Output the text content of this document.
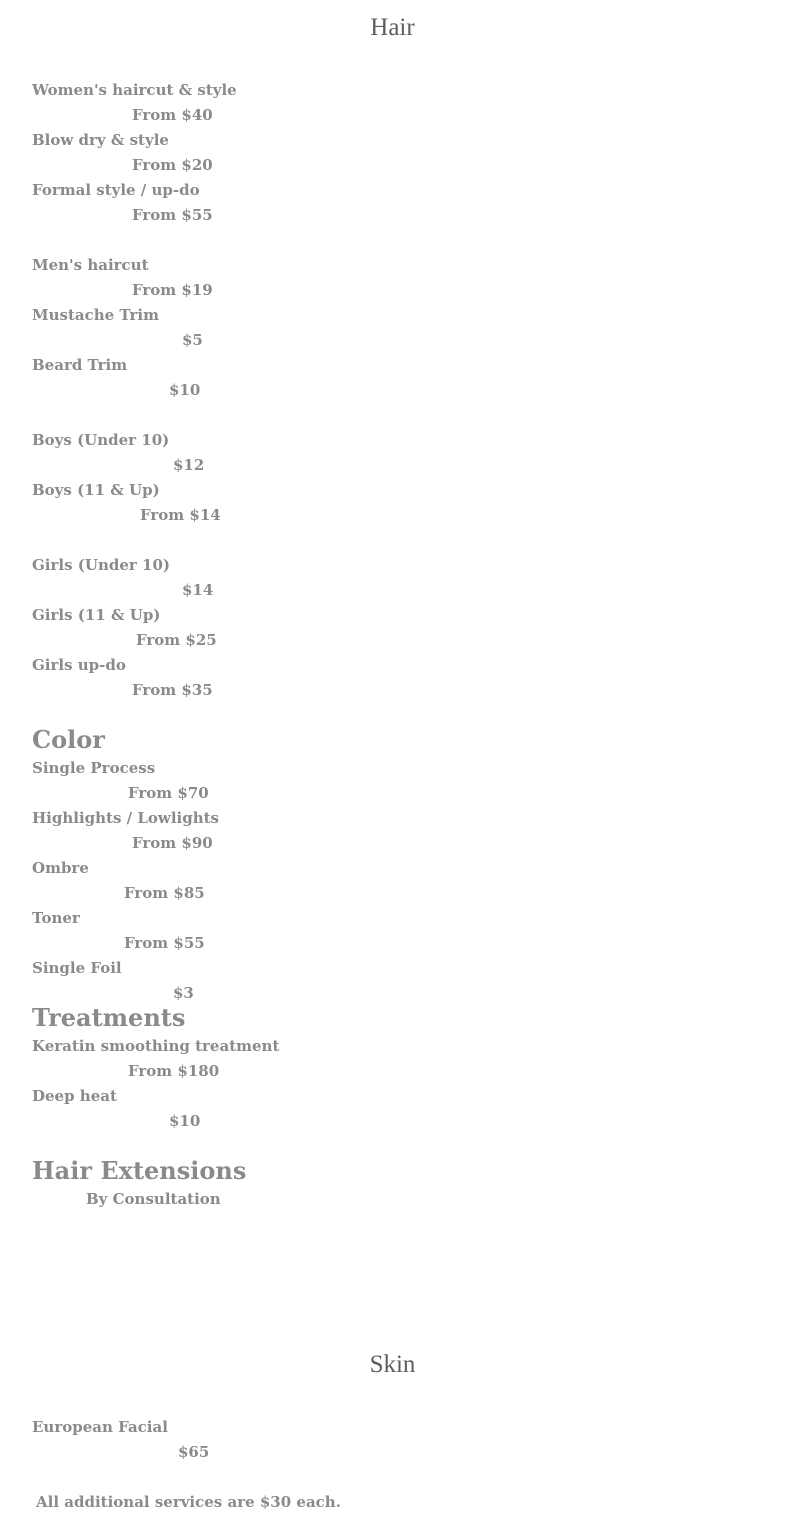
Hair
Women's haircut & style
From $40
Blow dry & style
From $20
Formal style / up-do
From $55
Men's haircut
From $19
Mustache Trim
$5
Beard Trim
$10
Boys (Under 10)
$12
Boys (11 & Up)
From $14
Girls (Under 10)
$14
Girls (11 & Up)
From $25
Girls up-do
From $35
Color
Single Process
From $70
Highlights / Lowlights
From $90
Ombre
From $85
Toner
From $55
Single Foil
$3
Treatments
Keratin smoothing treatment
From $180
Deep heat
$10
Hair Extensions
By Consultation
Skin
European Facial
$65
All additional services are $30 each.
